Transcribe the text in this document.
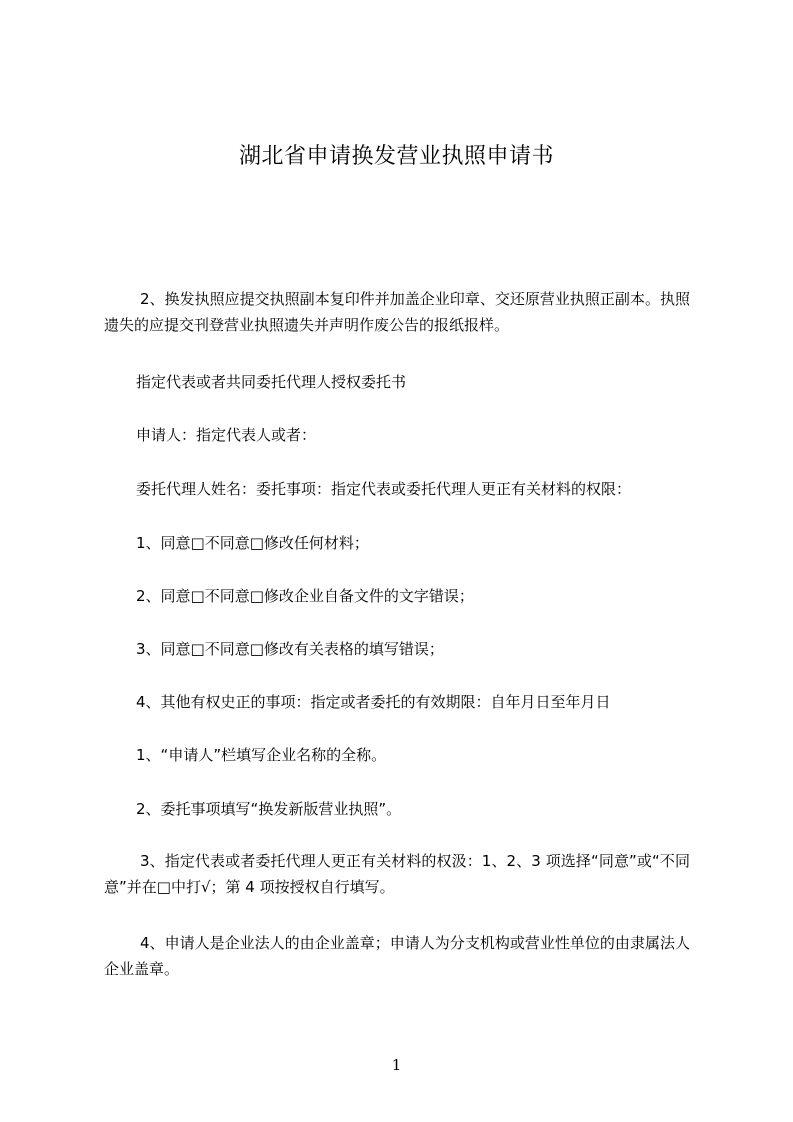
湖北省申请换发营业执照申请书

2、换发执照应提交执照副本复印件并加盖企业印章、交还原营业执照正副本。执照遗失的应提交刊登营业执照遗失并声明作废公告的报纸报样。

指定代表或者共同委托代理人授权委托书

申请人：指定代表人或者：

委托代理人姓名：委托事项：指定代表或委托代理人更正有关材料的权限：

1、同意□不同意□修改任何材料；

2、同意□不同意□修改企业自备文件的文字错误；

3、同意□不同意□修改有关表格的填写错误；

4、其他有权史正的事项：指定或者委托的有效期限：自年月日至年月日

1、“申请人”栏填写企业名称的全称。

2、委托事项填写“换发新版营业执照”。

3、指定代表或者委托代理人更正有关材料的权汲：1、2、3 项选择“同意”或“不同意”并在□中打√；第 4 项按授权自行填写。

4、申请人是企业法人的由企业盖章；申请人为分支机构或营业性单位的由隶属法人企业盖章。

1
